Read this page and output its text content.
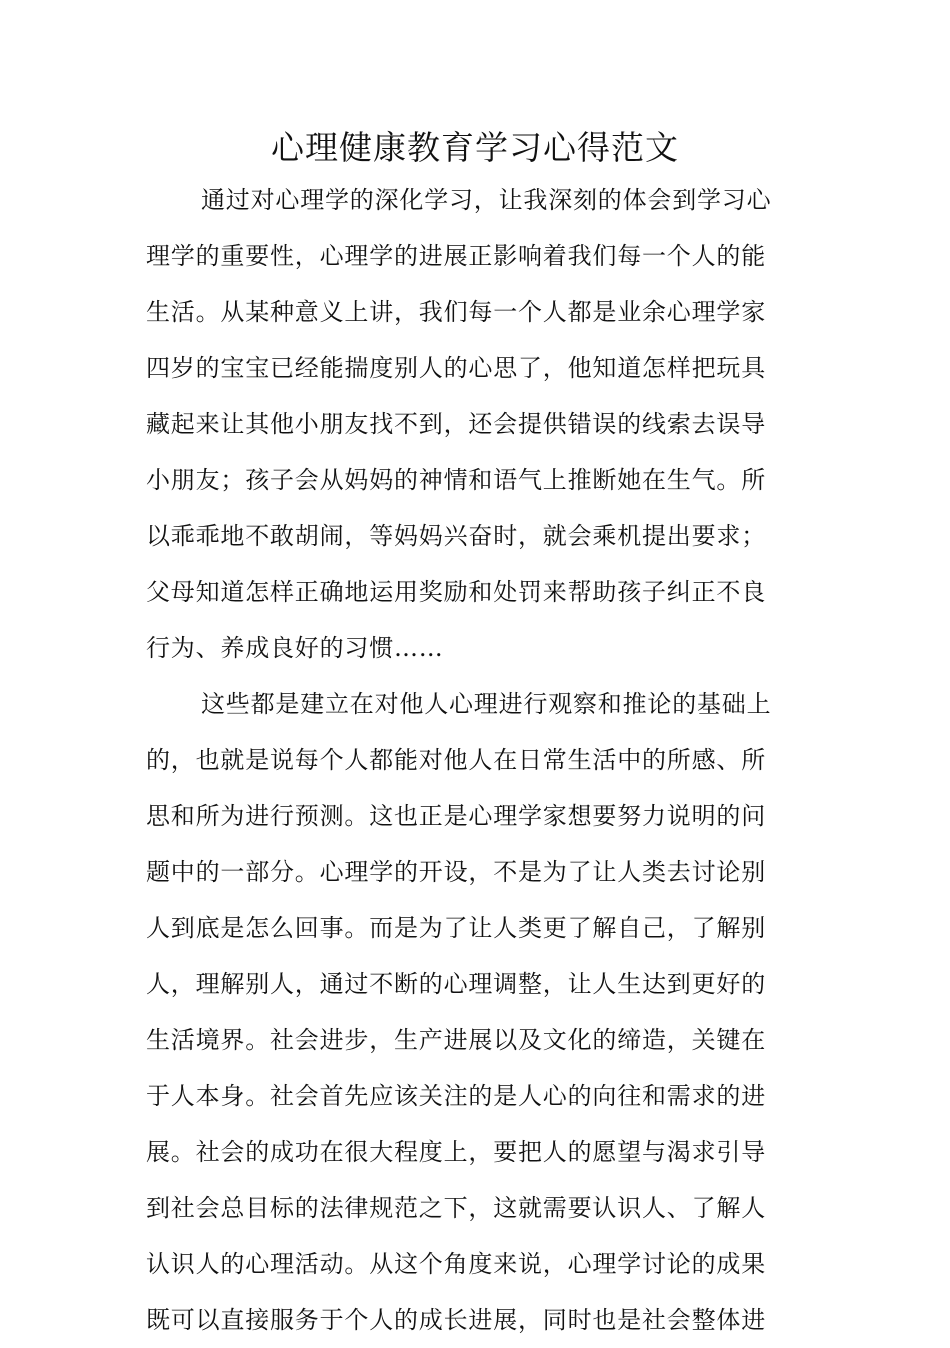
心理健康教育学习心得范文
通过对心理学的深化学习，让我深刻的体会到学习心
理学的重要性，心理学的进展正影响着我们每一个人的能
生活。从某种意义上讲，我们每一个人都是业余心理学家
四岁的宝宝已经能揣度别人的心思了，他知道怎样把玩具
藏起来让其他小朋友找不到，还会提供错误的线索去误导
小朋友；孩子会从妈妈的神情和语气上推断她在生气。所
以乖乖地不敢胡闹，等妈妈兴奋时，就会乘机提出要求；
父母知道怎样正确地运用奖励和处罚来帮助孩子纠正不良
行为、养成良好的习惯……
这些都是建立在对他人心理进行观察和推论的基础上
的，也就是说每个人都能对他人在日常生活中的所感、所
思和所为进行预测。这也正是心理学家想要努力说明的问
题中的一部分。心理学的开设，不是为了让人类去讨论别
人到底是怎么回事。而是为了让人类更了解自己，了解别
人，理解别人，通过不断的心理调整，让人生达到更好的
生活境界。社会进步，生产进展以及文化的缔造，关键在
于人本身。社会首先应该关注的是人心的向往和需求的进
展。社会的成功在很大程度上，要把人的愿望与渴求引导
到社会总目标的法律规范之下，这就需要认识人、了解人
认识人的心理活动。从这个角度来说，心理学讨论的成果
既可以直接服务于个人的成长进展，同时也是社会整体进
